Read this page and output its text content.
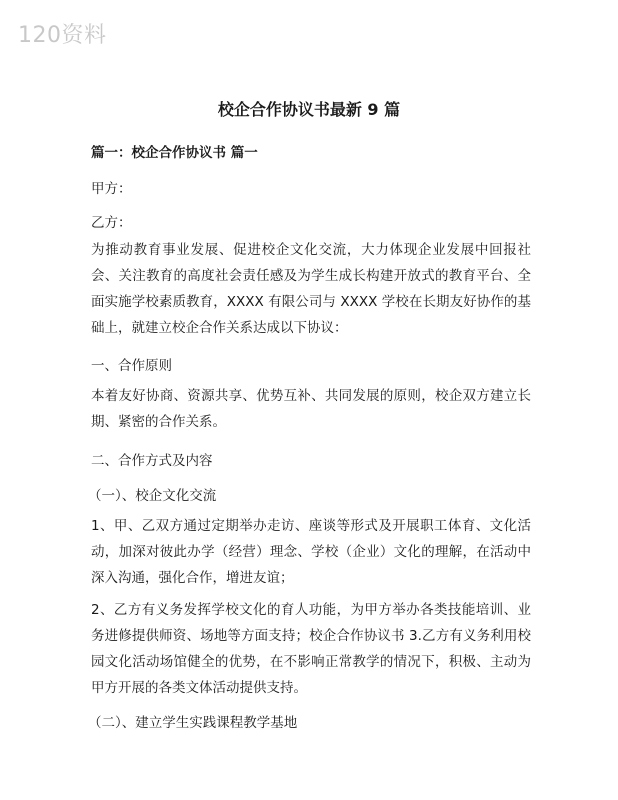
120资料
校企合作协议书最新 9 篇
篇一：校企合作协议书 篇一
甲方：
乙方：
为推动教育事业发展、促进校企文化交流，大力体现企业发展中回报社会、关注教育的高度社会责任感及为学生成长构建开放式的教育平台、全面实施学校素质教育，XXXX 有限公司与 XXXX 学校在长期友好协作的基础上，就建立校企合作关系达成以下协议：
一、合作原则
本着友好协商、资源共享、优势互补、共同发展的原则，校企双方建立长期、紧密的合作关系。
二、合作方式及内容
（一）、校企文化交流
1、甲、乙双方通过定期举办走访、座谈等形式及开展职工体育、文化活动，加深对彼此办学（经营）理念、学校（企业）文化的理解，在活动中深入沟通，强化合作，增进友谊；
2、乙方有义务发挥学校文化的育人功能，为甲方举办各类技能培训、业务进修提供师资、场地等方面支持；校企合作协议书 3.乙方有义务利用校园文化活动场馆健全的优势，在不影响正常教学的情况下，积极、主动为甲方开展的各类文体活动提供支持。
（二）、建立学生实践课程教学基地
